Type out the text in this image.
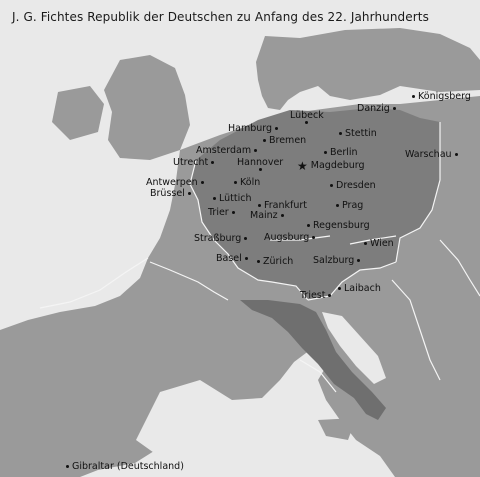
J. G. Fichtes Republik der Deutschen zu Anfang des 22. Jahrhunderts
Königsberg
Danzig
Lübeck
Hamburg	Stettin
Bremen
Amsterdam	Berlin
Utrecht	Hannover
Warschau
★ Magdeburg
Antwerpen	Köln	Dresden
Brüssel	Lüttich
Frankfurt	Prag
Trier	Mainz
Regensburg
Straßburg	Augsburg
Wien
Basel	Zürich Salzburg
Laibach
Triest
Gibraltar (Deutschland)
